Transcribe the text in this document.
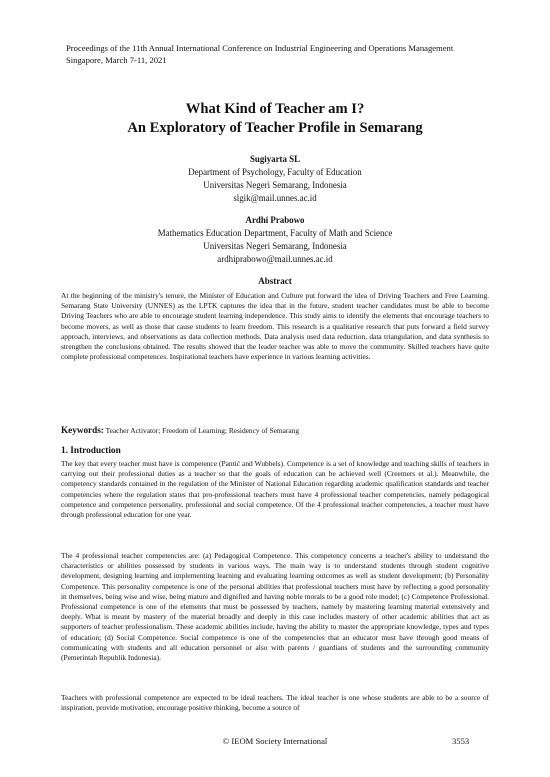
Proceedings of the 11th Annual International Conference on Industrial Engineering and Operations Management
Singapore, March 7-11, 2021
What Kind of Teacher am I?
An Exploratory of Teacher Profile in Semarang
Sugiyarta SL
Department of Psychology, Faculty of Education
Universitas Negeri Semarang, Indonesia
slgik@mail.unnes.ac.id
Ardhi Prabowo
Mathematics Education Department, Faculty of Math and Science
Universitas Negeri Semarang, Indonesia
ardhiprabowo@mail.unnes.ac.id
Abstract
At the beginning of the ministry's tenure, the Minister of Education and Culture put forward the idea of Driving Teachers and Free Learning. Semarang State University (UNNES) as the LPTK captures the idea that in the future, student teacher candidates must be able to become Driving Teachers who are able to encourage student learning independence. This study aims to identify the elements that encourage teachers to become movers, as well as those that cause students to learn freedom. This research is a qualitative research that puts forward a field survey approach, interviews, and observations as data collection methods. Data analysis used data reduction, data triangulation, and data synthesis to strengthen the conclusions obtained. The results showed that the leader teacher was able to move the community. Skilled teachers have quite complete professional competences. Inspirational teachers have experience in various learning activities.
Keywords: Teacher Activator; Freedom of Learning; Residency of Semarang
1. Introduction
The key that every teacher must have is competence (Pantić and Wubbels). Competence is a set of knowledge and teaching skills of teachers in carrying out their professional duties as a teacher so that the goals of education can be achieved well (Creemers et al.). Meanwhile, the competency standards contained in the regulation of the Minister of National Education regarding academic qualification standards and teacher competencies where the regulation states that pro-professional teachers must have 4 professional teacher competencies, namely pedagogical competence and competence personality, professional and social competence. Of the 4 professional teacher competencies, a teacher must have through professional education for one year.
The 4 professional teacher competencies are: (a) Pedagogical Competence. This competency concerns a teacher's ability to understand the characteristics or abilities possessed by students in various ways. The main way is to understand students through student cognitive development, designing learning and implementing learning and evaluating learning outcomes as well as student development; (b) Personality Competence. This personality competence is one of the personal abilities that professional teachers must have by reflecting a good personality in themselves, being wise and wise, being mature and dignified and having noble morals to be a good role model; (c) Competence Professional. Professional competence is one of the elements that must be possessed by teachers, namely by mastering learning material extensively and deeply. What is meant by mastery of the material broadly and deeply in this case includes mastery of other academic abilities that act as supporters of teacher professionalism. These academic abilities include, having the ability to master the appropriate knowledge, types and types of education; (d) Social Competence. Social competence is one of the competencies that an educator must have through good means of communicating with students and all education personnel or also with parents / guardians of students and the surrounding community (Pemerintah Republik Indonesia).
Teachers with professional competence are expected to be ideal teachers. The ideal teacher is one whose students are able to be a source of inspiration, provide motivation, encourage positive thinking, become a source of
© IEOM Society International	3553
